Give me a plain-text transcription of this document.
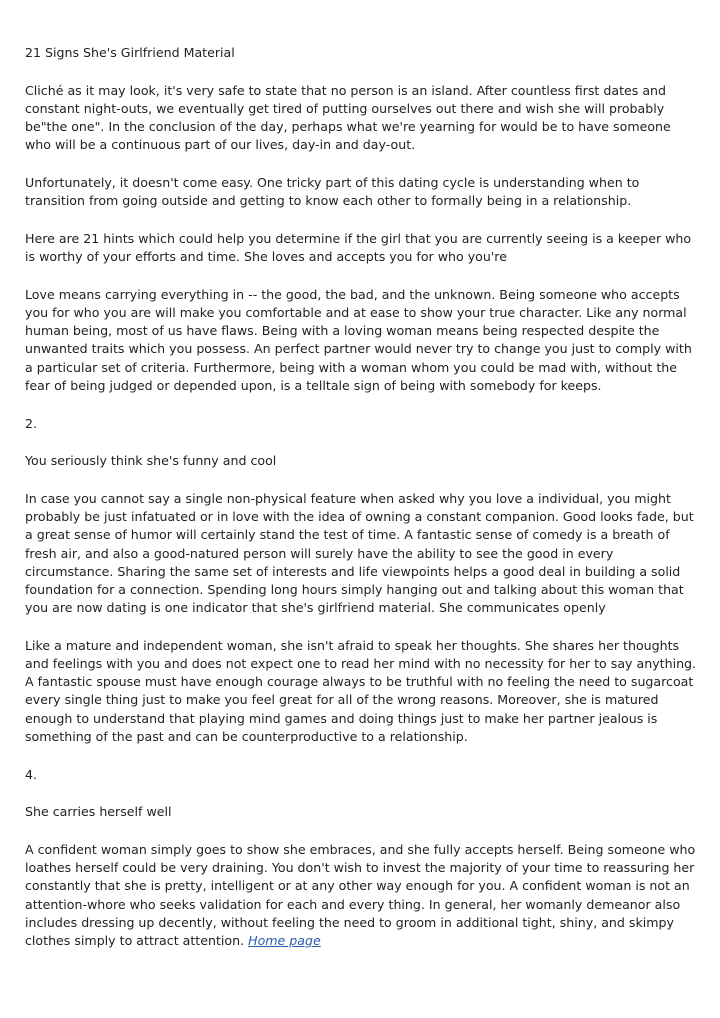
21 Signs She's Girlfriend Material

Cliché as it may look, it's very safe to state that no person is an island. After countless first dates and constant night-outs, we eventually get tired of putting ourselves out there and wish she will probably be"the one". In the conclusion of the day, perhaps what we're yearning for would be to have someone who will be a continuous part of our lives, day-in and day-out.

Unfortunately, it doesn't come easy. One tricky part of this dating cycle is understanding when to transition from going outside and getting to know each other to formally being in a relationship.

Here are 21 hints which could help you determine if the girl that you are currently seeing is a keeper who is worthy of your efforts and time. She loves and accepts you for who you're

Love means carrying everything in -- the good, the bad, and the unknown. Being someone who accepts you for who you are will make you comfortable and at ease to show your true character. Like any normal human being, most of us have flaws. Being with a loving woman means being respected despite the unwanted traits which you possess. An perfect partner would never try to change you just to comply with a particular set of criteria. Furthermore, being with a woman whom you could be mad with, without the fear of being judged or depended upon, is a telltale sign of being with somebody for keeps.

2.

You seriously think she's funny and cool

In case you cannot say a single non-physical feature when asked why you love a individual, you might probably be just infatuated or in love with the idea of owning a constant companion. Good looks fade, but a great sense of humor will certainly stand the test of time. A fantastic sense of comedy is a breath of fresh air, and also a good-natured person will surely have the ability to see the good in every circumstance. Sharing the same set of interests and life viewpoints helps a good deal in building a solid foundation for a connection. Spending long hours simply hanging out and talking about this woman that you are now dating is one indicator that she's girlfriend material. She communicates openly

Like a mature and independent woman, she isn't afraid to speak her thoughts. She shares her thoughts and feelings with you and does not expect one to read her mind with no necessity for her to say anything. A fantastic spouse must have enough courage always to be truthful with no feeling the need to sugarcoat every single thing just to make you feel great for all of the wrong reasons. Moreover, she is matured enough to understand that playing mind games and doing things just to make her partner jealous is something of the past and can be counterproductive to a relationship.

4.

She carries herself well

A confident woman simply goes to show she embraces, and she fully accepts herself. Being someone who loathes herself could be very draining. You don't wish to invest the majority of your time to reassuring her constantly that she is pretty, intelligent or at any other way enough for you. A confident woman is not an attention-whore who seeks validation for each and every thing. In general, her womanly demeanor also includes dressing up decently, without feeling the need to groom in additional tight, shiny, and skimpy clothes simply to attract attention. Home page
